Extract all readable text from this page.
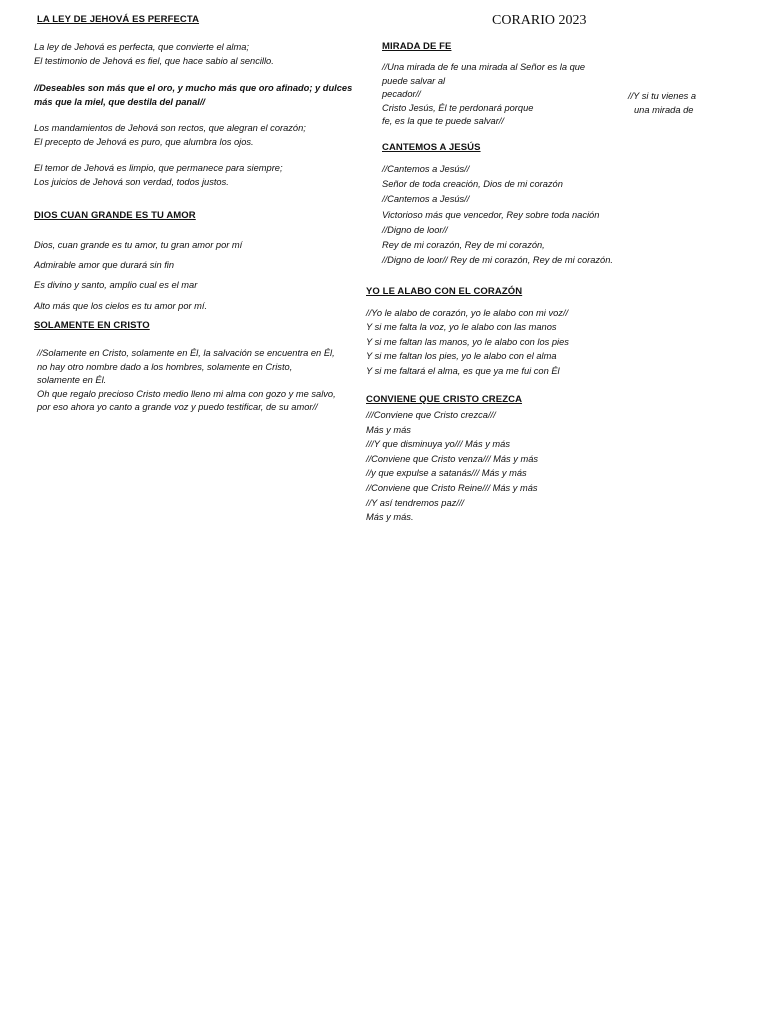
CORARIO 2023
LA LEY DE JEHOVÁ ES PERFECTA
La ley de Jehová es perfecta, que convierte el alma;
El testimonio de Jehová es fiel, que hace sabio al sencillo.
//Deseables son más que el oro, y mucho más que oro afinado; y dulces
más que la miel, que destila del panal//
Los mandamientos de Jehová son rectos, que alegran el corazón;
El precepto de Jehová es puro, que alumbra los ojos.
El temor de Jehová es limpio, que permanece para siempre;
Los juicios de Jehová son verdad, todos justos.
DIOS CUAN GRANDE ES TU AMOR
Dios, cuan grande es tu amor, tu gran amor por mí
Admirable amor que durará sin fin
Es divino y santo, amplio cual es el mar
Alto más que los cielos es tu amor por mí.
SOLAMENTE EN CRISTO
//Solamente en Cristo, solamente en Él, la salvación se encuentra en Él,
no hay otro nombre dado a los hombres, solamente en Cristo,
solamente en Él.
Oh que regalo precioso Cristo medio lleno mi alma con gozo y me salvo,
por eso ahora yo canto a grande voz y puedo testificar, de su amor//
MIRADA DE FE
//Una mirada de fe una mirada al Señor es la que
puede salvar al
pecador//
Cristo Jesús, Él te perdonará porque
fe, es la que te puede salvar//
//Y si tu vienes a
una mirada de
CANTEMOS A JESÚS
//Cantemos a Jesús//
Señor de toda creación, Dios de mi corazón
//Cantemos a Jesús//
Victorioso más que vencedor, Rey sobre toda nación
//Digno de loor//
Rey de mi corazón, Rey de mi corazón,
//Digno de loor// Rey de mi corazón, Rey de mi corazón.
YO LE ALABO CON EL CORAZÓN
//Yo le alabo de corazón, yo le alabo con mi voz//
Y si me falta la voz, yo le alabo con las manos
Y si me faltan las manos, yo le alabo con los pies
Y si me faltan los pies, yo le alabo con el alma
Y si me faltará el alma, es que ya me fui con Él
CONVIENE QUE CRISTO CREZCA
///Conviene que Cristo crezca///
Más y más
///Y que disminuya yo/// Más y más
//Conviene que Cristo venza/// Más y más
//y que expulse a satanás/// Más y más
//Conviene que Cristo Reine/// Más y más
//Y así tendremos paz///
Más y más.
